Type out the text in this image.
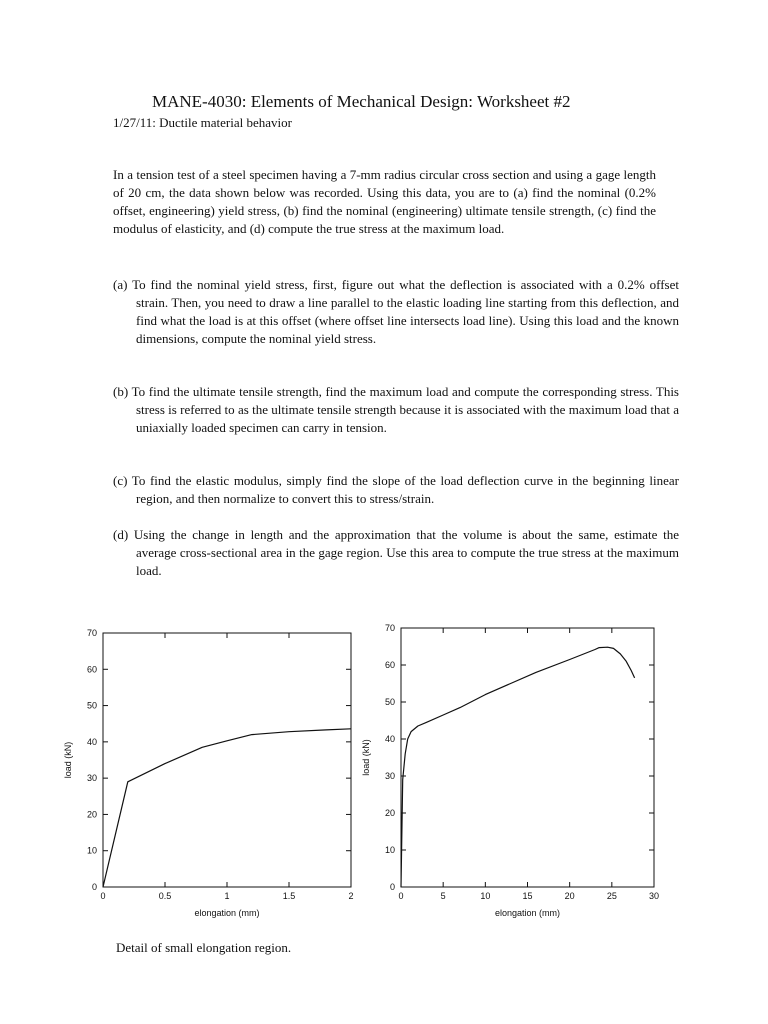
MANE-4030: Elements of Mechanical Design: Worksheet #2
1/27/11: Ductile material behavior

In a tension test of a steel specimen having a 7-mm radius circular cross section and using a gage length of 20 cm, the data shown below was recorded. Using this data, you are to (a) find the nominal (0.2% offset, engineering) yield stress, (b) find the nominal (engineering) ultimate tensile strength, (c) find the modulus of elasticity, and (d) compute the true stress at the maximum load.

(a) To find the nominal yield stress, first, figure out what the deflection is associated with a 0.2% offset strain. Then, you need to draw a line parallel to the elastic loading line starting from this deflection, and find what the load is at this offset (where offset line intersects load line). Using this load and the known dimensions, compute the nominal yield stress.

(b) To find the ultimate tensile strength, find the maximum load and compute the corresponding stress. This stress is referred to as the ultimate tensile strength because it is associated with the maximum load that a uniaxially loaded specimen can carry in tension.

(c) To find the elastic modulus, simply find the slope of the load deflection curve in the beginning linear region, and then normalize to convert this to stress/strain.

(d) Using the change in length and the approximation that the volume is about the same, estimate the average cross-sectional area in the gage region. Use this area to compute the true stress at the maximum load.

0	0.5	1	1.5	2
0
10
20
30
40
50
60
70
elongation (mm)
load (kN)
0	5	10	15	20	25	30
0
10
20
30
40
50
60
70
elongation (mm)
load (kN)
Detail of small elongation region.
